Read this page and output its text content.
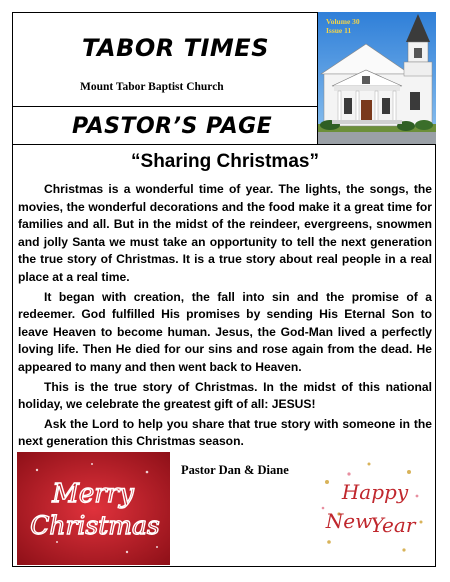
TABOR TIMES
Mount Tabor Baptist Church
Volume 30
Issue 11
PASTOR’S PAGE
“Sharing Christmas”

Christmas is a wonderful time of year. The lights, the songs, the movies, the wonderful decorations and the food make it a great time for families and all. But in the midst of the reindeer, evergreens, snowmen and jolly Santa we must take an opportunity to tell the next generation the true story of Christmas. It is a true story about real people in a real place at a real time.

It began with creation, the fall into sin and the promise of a redeemer. God fulfilled His promises by sending His Eternal Son to leave Heaven to become human. Jesus, the God-Man lived a perfectly loving life. Then He died for our sins and rose again from the dead. He appeared to many and then went back to Heaven.

This is the true story of Christmas. In the midst of this national holiday, we celebrate the greatest gift of all: JESUS!

Ask the Lord to help you share that true story with someone in the next generation this Christmas season.

Merry
Christmas
Pastor Dan & Diane
Happy
New
Year
